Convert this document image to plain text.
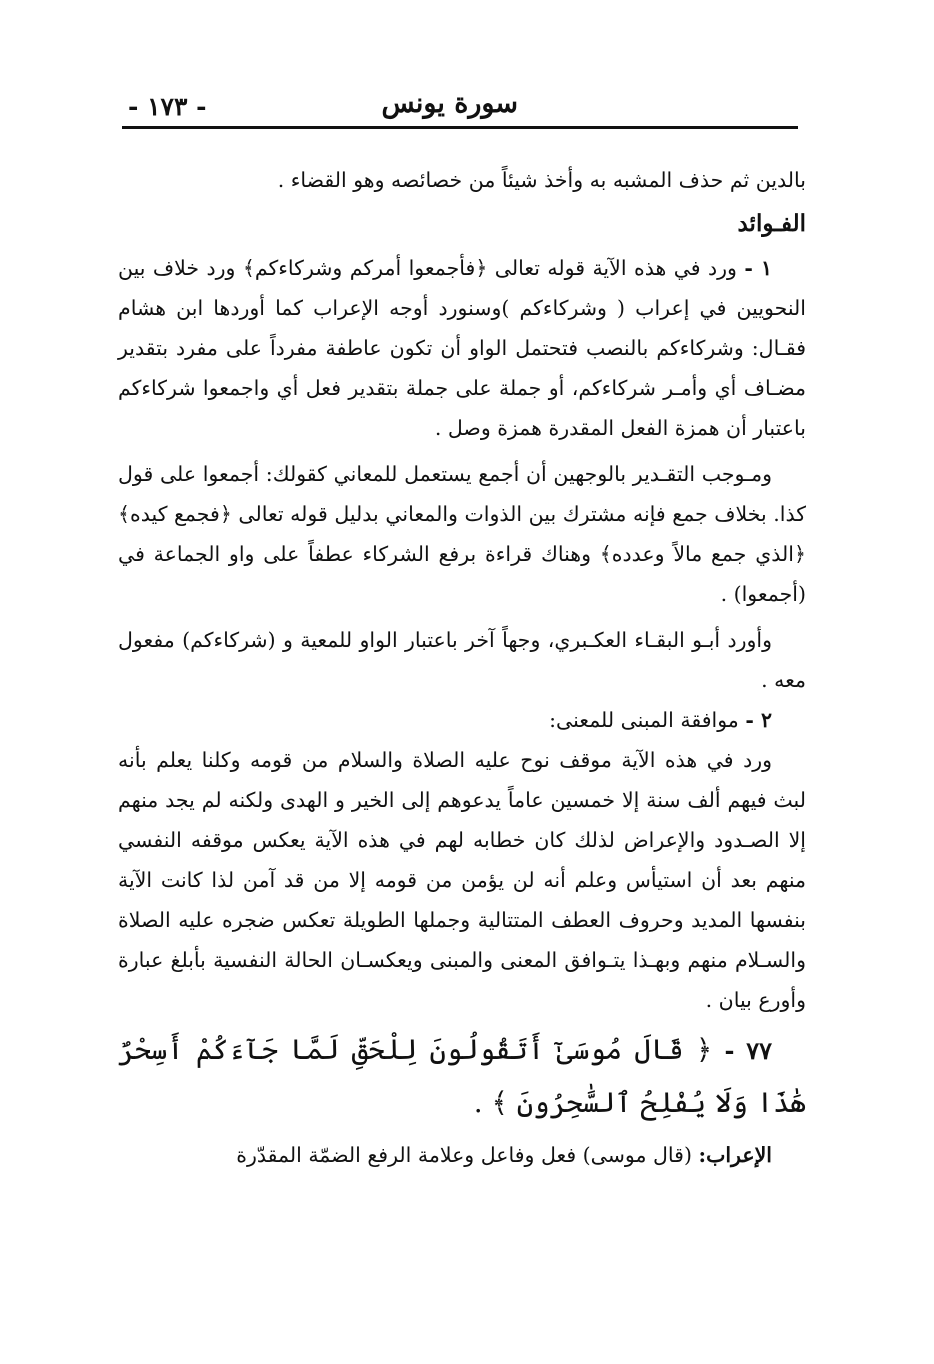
سورة يونس
- ١٧٣ -

بالدين ثم حذف المشبه به وأخذ شيئاً من خصائصه وهو القضاء .

الفـوائد

١ - ورد في هذه الآية قوله تعالى ﴿فأجمعوا أمركم وشركاءكم﴾ ورد خلاف بين النحويين في إعراب ( وشركاءكم )وسنورد أوجه الإعراب كما أوردها ابن هشام فقـال: وشركاءكم بالنصب فتحتمل الواو أن تكون عاطفة مفرداً على مفرد بتقدير مضـاف أي وأمـر شركاءكم، أو جملة على جملة بتقدير فعل أي واجمعوا شركاءكم باعتبار أن همزة الفعل المقدرة همزة وصل .

ومـوجب التقـدير بالوجهين أن أجمع يستعمل للمعاني كقولك: أجمعوا على قول كذا. بخلاف جمع فإنه مشترك بين الذوات والمعاني بدليل قوله تعالى ﴿فجمع كيده﴾ ﴿الذي جمع مالاً وعدده﴾ وهناك قراءة برفع الشركاء عطفاً على واو الجماعة في (أجمعوا) .

وأورد أبـو البقـاء العكـبري، وجهاً آخر باعتبار الواو للمعية و (شركاءكم) مفعول معه .

٢ - موافقة المبنى للمعنى:

ورد في هذه الآية موقف نوح عليه الصلاة والسلام من قومه وكلنا يعلم بأنه لبث فيهم ألف سنة إلا خمسين عاماً يدعوهم إلى الخير و الهدى ولكنه لم يجد منهم إلا الصـدود والإعراض لذلك كان خطابه لهم في هذه الآية يعكس موقفه النفسي منهم بعد أن استيأس وعلم أنه لن يؤمن من قومه إلا من قد آمن لذا كانت الآية بنفسها المديد وحروف العطف المتتالية وجملها الطويلة تعكس ضجره عليه الصلاة والسـلام منهم وبهـذا يتـوافق المعنى والمبنى ويعكسـان الحالة النفسية بأبلغ عبارة وأورع بيان .

٧٧ - ﴿ قَالَ مُوسَىٰٓ أَتَقُولُونَ لِلْحَقِّ لَمَّا جَآءَكُمْ أَسِحْرٌ هَٰذَا وَلَا يُفْلِحُ ٱلسَّٰحِرُونَ ﴾ .

الإعراب: (قال موسى) فعل وفاعل وعلامة الرفع الضمّة المقدّرة
